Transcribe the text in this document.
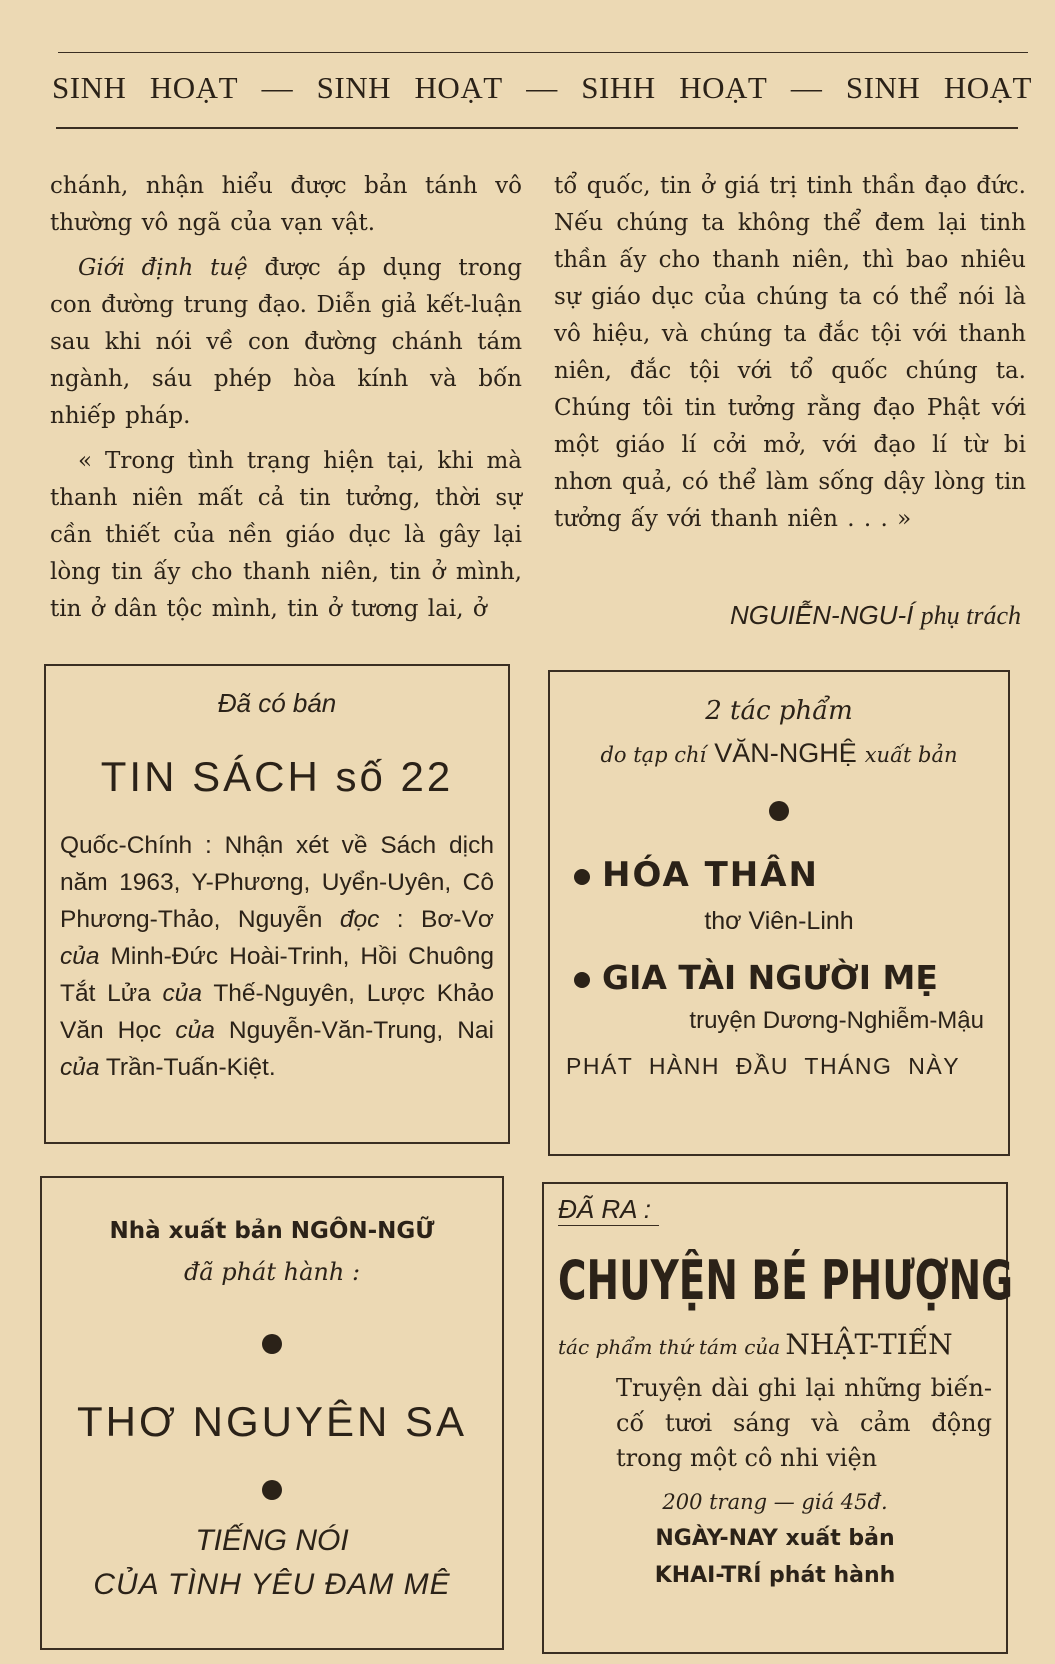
SINH HOẠT — SINH HOẠT — SIHH HOẠT — SINH HOẠT

chánh, nhận hiểu được bản tánh vô thường vô ngã của vạn vật.

Giới định tuệ được áp dụng trong con đường trung đạo. Diễn giả kết-luận sau khi nói về con đường chánh tám ngành, sáu phép hòa kính và bốn nhiếp pháp.

« Trong tình trạng hiện tại, khi mà thanh niên mất cả tin tưởng, thời sự cần thiết của nền giáo dục là gây lại lòng tin ấy cho thanh niên, tin ở mình, tin ở dân tộc mình, tin ở tương lai, ở

tổ quốc, tin ở giá trị tinh thần đạo đức. Nếu chúng ta không thể đem lại tinh thần ấy cho thanh niên, thì bao nhiêu sự giáo dục của chúng ta có thể nói là vô hiệu, và chúng ta đắc tội với thanh niên, đắc tội với tổ quốc chúng ta. Chúng tôi tin tưởng rằng đạo Phật với một giáo lí cởi mở, với đạo lí từ bi nhơn quả, có thể làm sống dậy lòng tin tưởng ấy với thanh niên . . . »

NGUIỄN-NGU-Í phụ trách
Đã có bán
TIN SÁCH số 22
Quốc-Chính : Nhận xét về Sách dịch năm 1963, Y-Phương, Uyển-Uyên, Cô Phương-Thảo, Nguyễn đọc : Bơ-Vơ của Minh-Đức Hoài-Trinh, Hồi Chuông Tắt Lửa của Thế-Nguyên, Lược Khảo Văn Học của Nguyễn-Văn-Trung, Nai của Trần-Tuấn-Kiệt.
2 tác phẩm
do tạp chí VĂN-NGHỆ xuất bản
HÓA THÂN
thơ Viên-Linh
GIA TÀI NGƯỜI MẸ
truyện Dương-Nghiễm-Mậu
PHÁT HÀNH ĐẦU THÁNG NÀY
Nhà xuất bản NGÔN-NGỮ
đã phát hành :
THƠ NGUYÊN SA
TIẾNG NÓI
CỦA TÌNH YÊU ĐAM MÊ
ĐÃ RA :
CHUYỆN BÉ PHƯỢNG
tác phẩm thứ tám của NHẬT-TIẾN
Truyện dài ghi lại những biến-cố tươi sáng và cảm động trong một cô nhi viện
200 trang — giá 45đ.
NGÀY-NAY xuất bản
KHAI-TRÍ phát hành
